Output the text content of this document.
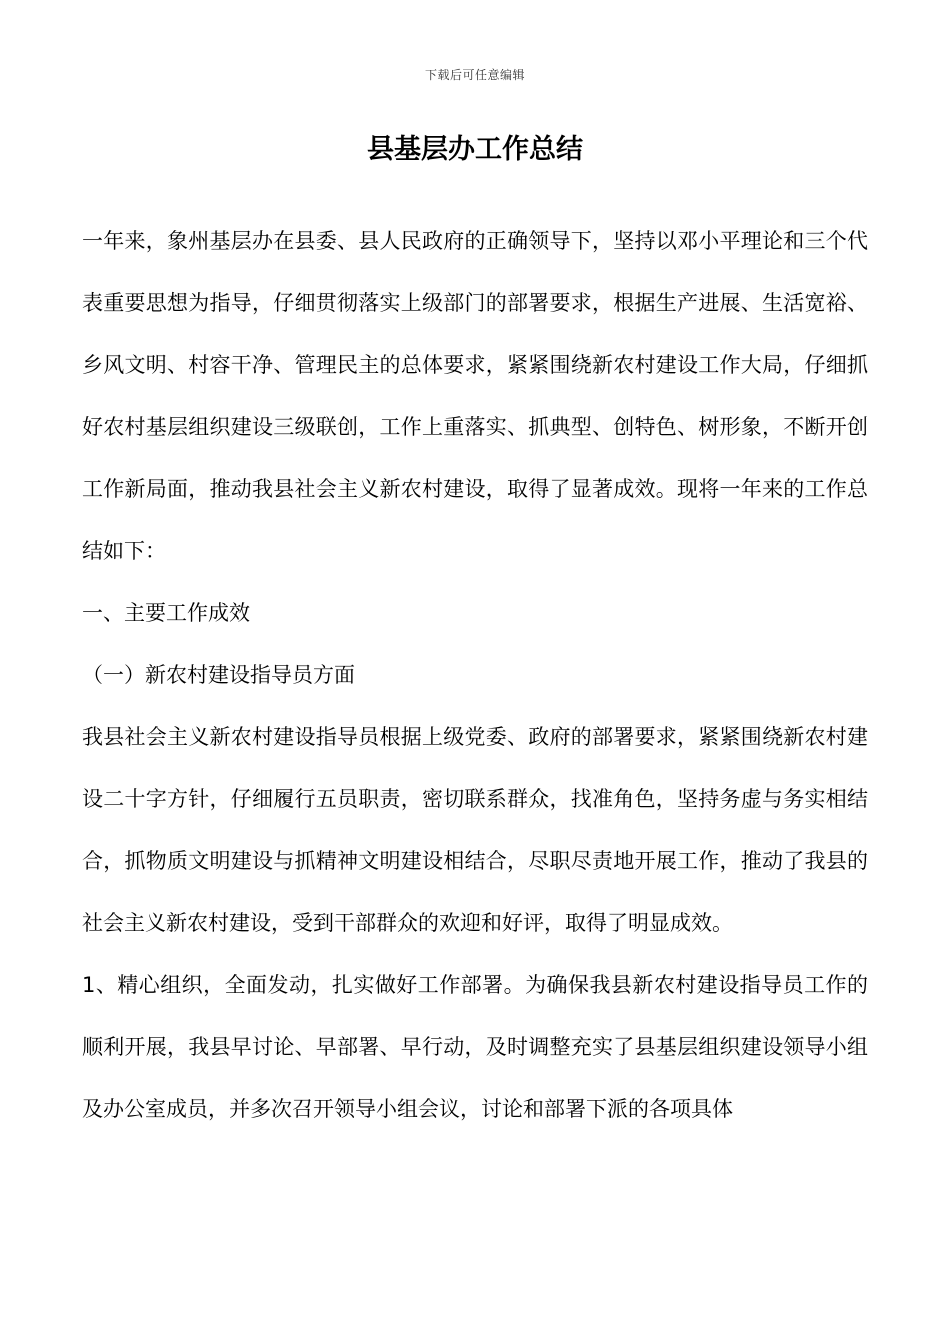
下载后可任意编辑
县基层办工作总结

一年来，象州基层办在县委、县人民政府的正确领导下，坚持以邓小平理论和三个代表重要思想为指导，仔细贯彻落实上级部门的部署要求，根据生产进展、生活宽裕、乡风文明、村容干净、管理民主的总体要求，紧紧围绕新农村建设工作大局，仔细抓好农村基层组织建设三级联创，工作上重落实、抓典型、创特色、树形象，不断开创工作新局面，推动我县社会主义新农村建设，取得了显著成效。现将一年来的工作总结如下：

一、主要工作成效

（一）新农村建设指导员方面

我县社会主义新农村建设指导员根据上级党委、政府的部署要求，紧紧围绕新农村建设二十字方针，仔细履行五员职责，密切联系群众，找准角色，坚持务虚与务实相结合，抓物质文明建设与抓精神文明建设相结合，尽职尽责地开展工作，推动了我县的社会主义新农村建设，受到干部群众的欢迎和好评，取得了明显成效。

1、精心组织，全面发动，扎实做好工作部署。为确保我县新农村建设指导员工作的顺利开展，我县早讨论、早部署、早行动，及时调整充实了县基层组织建设领导小组及办公室成员，并多次召开领导小组会议，讨论和部署下派的各项具体
